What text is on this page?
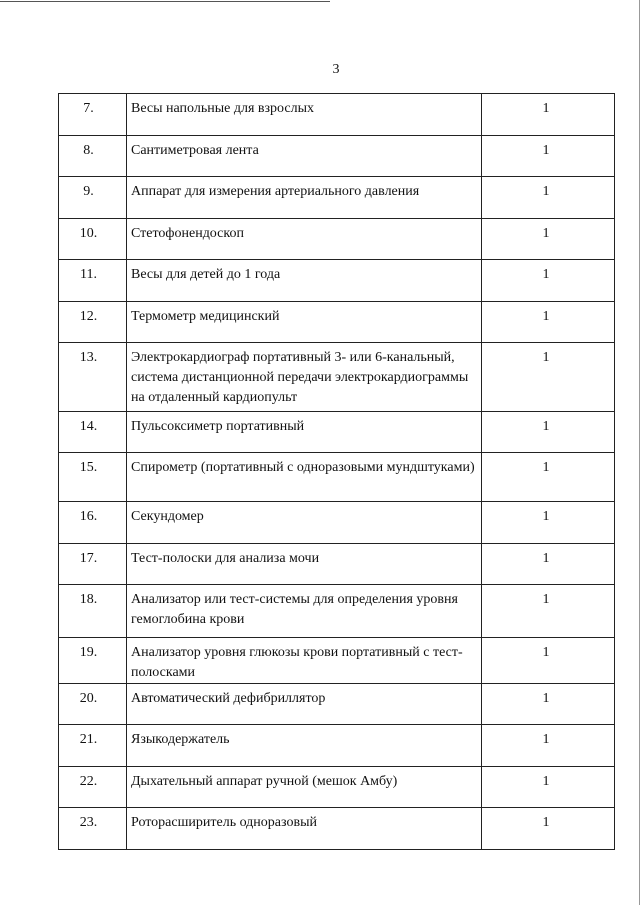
3
7.	Весы напольные для взрослых	1
8.	Сантиметровая лента	1
9.	Аппарат для измерения артериального давления	1
10.	Стетофонендоскоп	1
11.	Весы для детей до 1 года	1
12.	Термометр медицинский	1
13.	Электрокардиограф портативный 3- или 6-канальный, система дистанционной передачи электрокардиограммы на отдаленный кардиопульт	1
14.	Пульсоксиметр портативный	1
15.	Спирометр (портативный с одноразовыми мундштуками)	1
16.	Секундомер	1
17.	Тест-полоски для анализа мочи	1
18.	Анализатор или тест-системы для определения уровня гемоглобина крови	1
19.	Анализатор уровня глюкозы крови портативный с тест-полосками	1
20.	Автоматический дефибриллятор	1
21.	Языкодержатель	1
22.	Дыхательный аппарат ручной (мешок Амбу)	1
23.	Роторасширитель одноразовый	1
